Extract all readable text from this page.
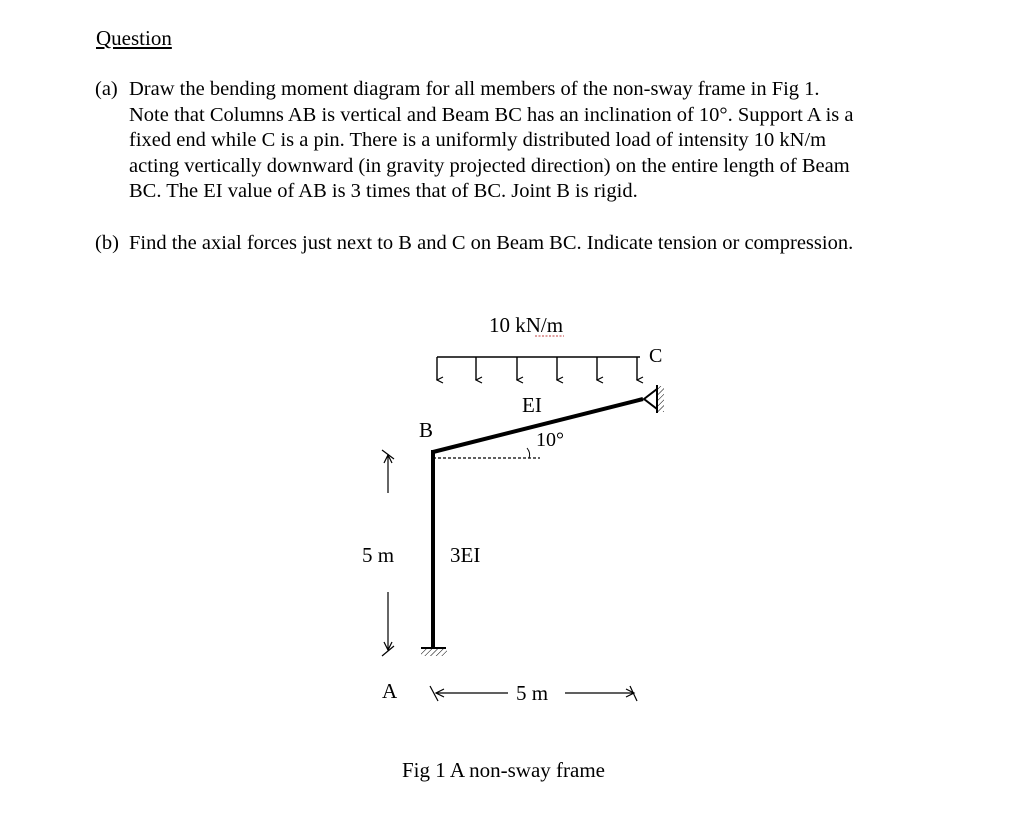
Question
(a) Draw the bending moment diagram for all members of the non-sway frame in Fig 1.
Note that Columns AB is vertical and Beam BC has an inclination of 10°. Support A is a
fixed end while C is a pin. There is a uniformly distributed load of intensity 10 kN/m
acting vertically downward (in gravity projected direction) on the entire length of Beam
BC. The EI value of AB is 3 times that of BC. Joint B is rigid.
(b) Find the axial forces just next to B and C on Beam BC. Indicate tension or compression.
10 kN/m
B
C
A
EI
10°
3EI
5 m
5 m
Fig 1 A non-sway frame
